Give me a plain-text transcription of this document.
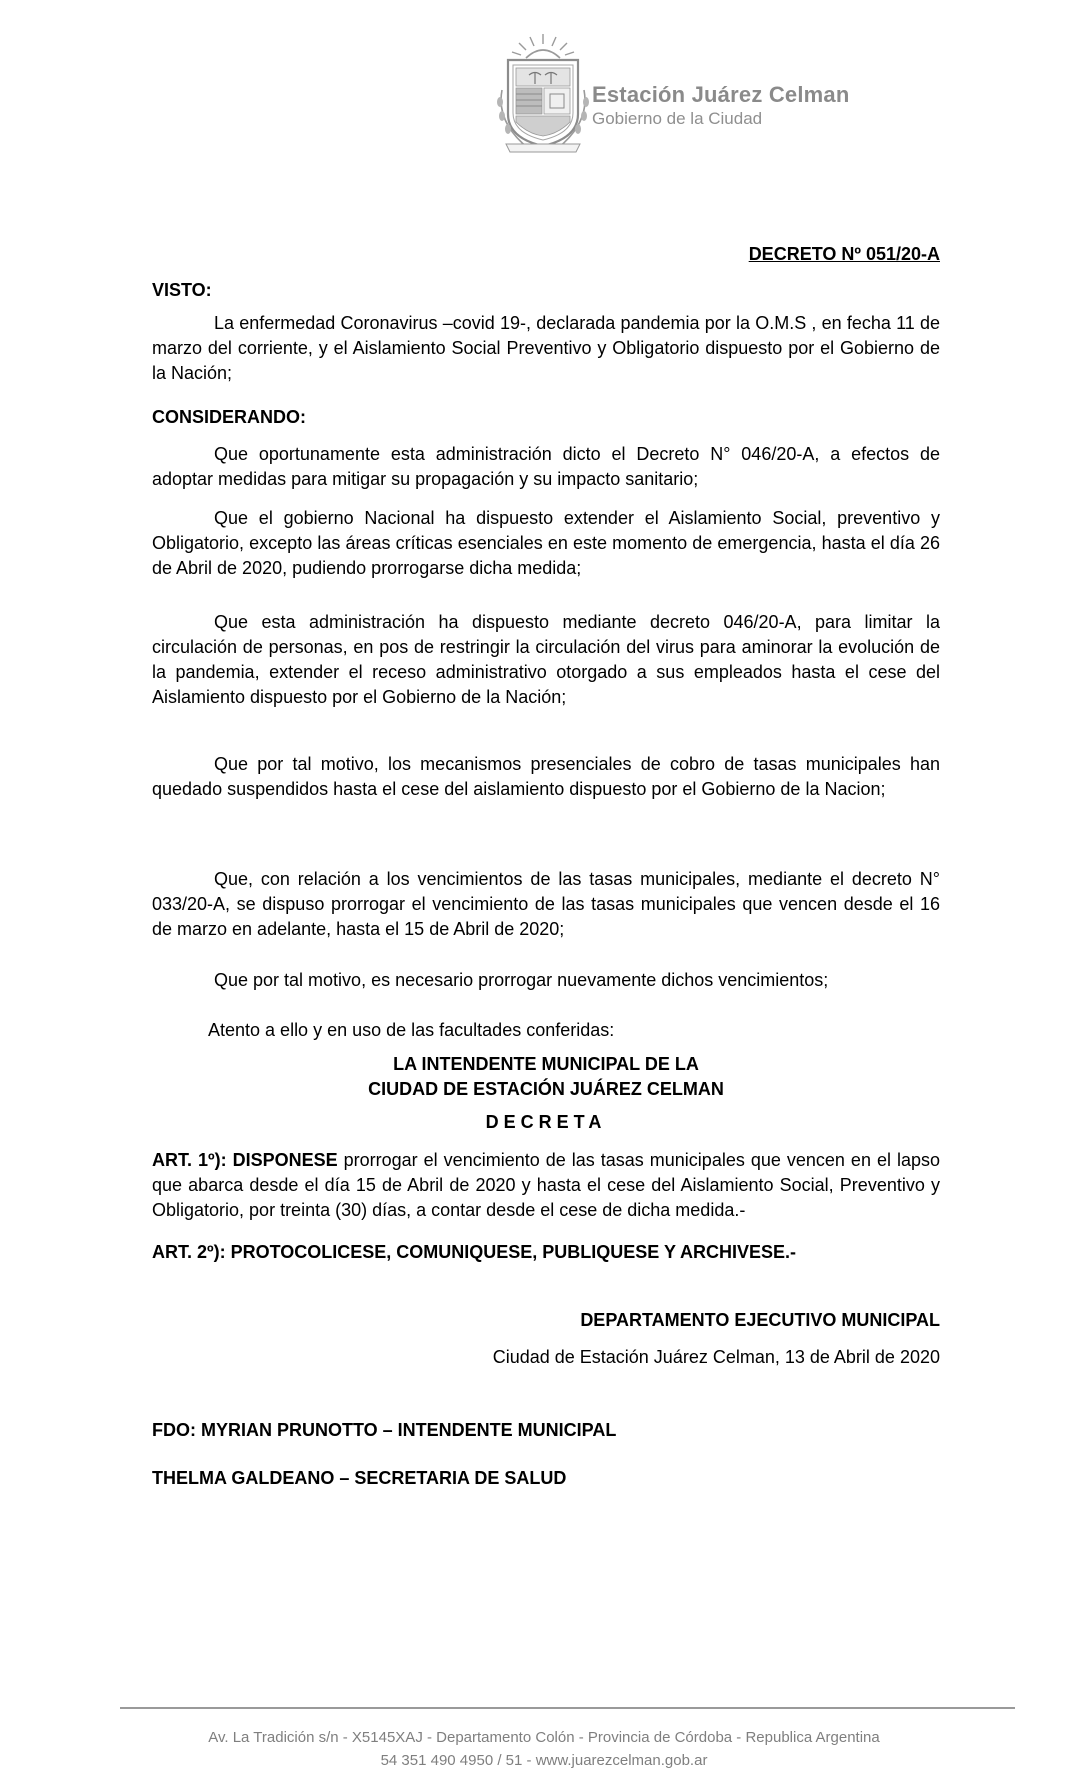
Estación Juárez Celman
Gobierno de la Ciudad
DECRETO Nº 051/20-A
VISTO:

La enfermedad Coronavirus –covid 19-, declarada pandemia por la O.M.S , en fecha 11 de marzo del corriente, y el Aislamiento Social Preventivo y Obligatorio dispuesto por el Gobierno de la Nación;

CONSIDERANDO:

Que oportunamente esta administración dicto el Decreto N° 046/20-A, a efectos de adoptar medidas para mitigar su propagación y su impacto sanitario;

Que el gobierno Nacional ha dispuesto extender el Aislamiento Social, preventivo y Obligatorio, excepto las áreas críticas esenciales en este momento de emergencia, hasta el día 26 de Abril de 2020, pudiendo prorrogarse dicha medida;

Que esta administración ha dispuesto mediante decreto 046/20-A, para limitar la circulación de personas, en pos de restringir la circulación del virus para aminorar la evolución de la pandemia, extender el receso administrativo otorgado a sus empleados hasta el cese del Aislamiento dispuesto por el Gobierno de la Nación;

Que por tal motivo, los mecanismos presenciales de cobro de tasas municipales han quedado suspendidos hasta el cese del aislamiento dispuesto por el Gobierno de la Nacion;

Que, con relación a los vencimientos de las tasas municipales, mediante el decreto N° 033/20-A, se dispuso prorrogar el vencimiento de las tasas municipales que vencen desde el 16 de marzo en adelante, hasta el 15 de Abril de 2020;

Que por tal motivo, es necesario prorrogar nuevamente dichos vencimientos;

Atento a ello y en uso de las facultades conferidas:

LA INTENDENTE MUNICIPAL DE LA
CIUDAD DE ESTACIÓN JUÁREZ CELMAN
DECRETA

ART. 1º): DISPONESE prorrogar el vencimiento de las tasas municipales que vencen en el lapso que abarca desde el día 15 de Abril de 2020 y hasta el cese del Aislamiento Social, Preventivo y Obligatorio, por treinta (30) días, a contar desde el cese de dicha medida.-

ART. 2º): PROTOCOLICESE, COMUNIQUESE, PUBLIQUESE Y ARCHIVESE.-
DEPARTAMENTO EJECUTIVO MUNICIPAL
Ciudad de Estación Juárez Celman, 13 de Abril de 2020
FDO: MYRIAN PRUNOTTO – INTENDENTE MUNICIPAL
THELMA GALDEANO – SECRETARIA DE SALUD
Av. La Tradición s/n - X5145XAJ - Departamento Colón - Provincia de Córdoba - Republica Argentina
54 351 490 4950 / 51 - www.juarezcelman.gob.ar
